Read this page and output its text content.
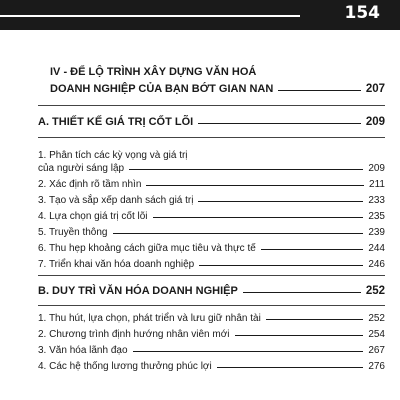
154
IV - ĐỂ LỘ TRÌNH XÂY DỰNG VĂN HOÁ
DOANH NGHIỆP CỦA BẠN BỚT GIAN NAN	207
A. THIẾT KẾ GIÁ TRỊ CỐT LÕI	209
1. Phân tích các kỳ vọng và giá trị
của người sáng lập	209
2. Xác định rõ tầm nhìn	211
3. Tạo và sắp xếp danh sách giá trị	233
4. Lựa chọn giá trị cốt lõi	235
5. Truyền thông	239
6. Thu hẹp khoảng cách giữa mục tiêu và thực tế	244
7. Triển khai văn hóa doanh nghiệp	246
B. DUY TRÌ VĂN HÓA DOANH NGHIỆP	252
1. Thu hút, lựa chọn, phát triển và lưu giữ nhân tài	252
2. Chương trình định hướng nhân viên mới	254
3. Văn hóa lãnh đạo	267
4. Các hệ thống lương thưởng phúc lợi	276
